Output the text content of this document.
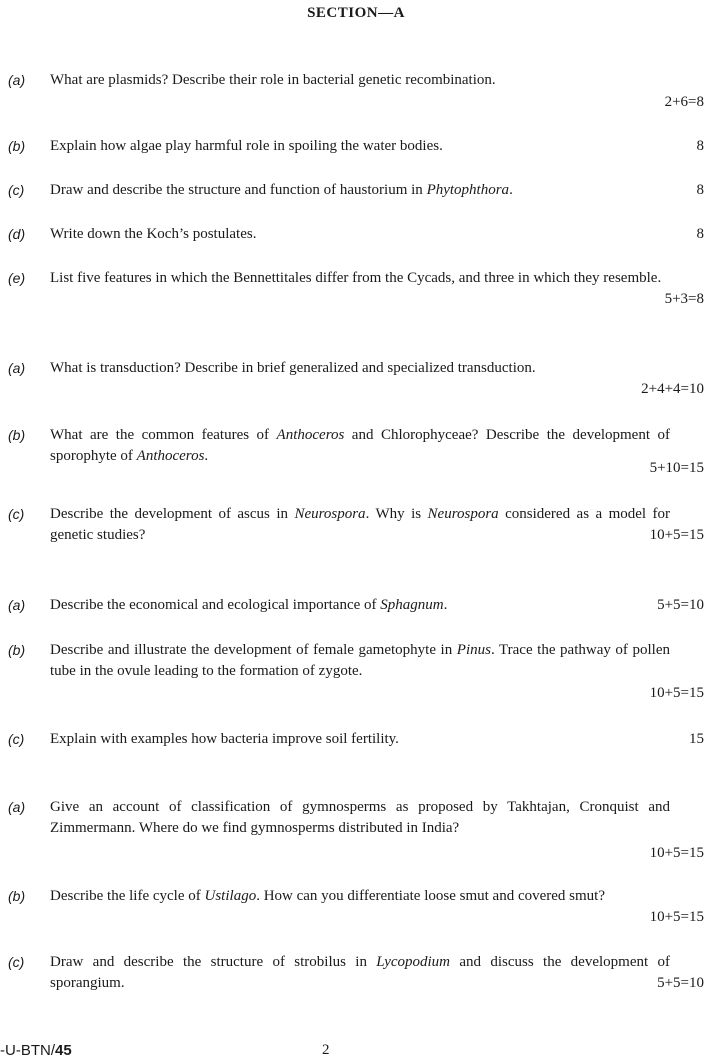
SECTION—A
(a) What are plasmids? Describe their role in bacterial genetic recombination.
2+6=8
(b) Explain how algae play harmful role in spoiling the water bodies.	8
(c) Draw and describe the structure and function of haustorium in Phytophthora.	8
(d) Write down the Koch’s postulates.	8
(e) List five features in which the Bennettitales differ from the Cycads, and three in which they resemble.
5+3=8
(a) What is transduction? Describe in brief generalized and specialized transduction.
2+4+4=10
(b) What are the common features of Anthoceros and Chlorophyceae? Describe the development of sporophyte of Anthoceros.
5+10=15
(c) Describe the development of ascus in Neurospora. Why is Neurospora considered as a model for genetic studies?	10+5=15
(a) Describe the economical and ecological importance of Sphagnum.	5+5=10
(b) Describe and illustrate the development of female gametophyte in Pinus. Trace the pathway of pollen tube in the ovule leading to the formation of zygote.
10+5=15
(c) Explain with examples how bacteria improve soil fertility.	15
(a) Give an account of classification of gymnosperms as proposed by Takhtajan, Cronquist and Zimmermann. Where do we find gymnosperms distributed in India?
10+5=15
(b) Describe the life cycle of Ustilago. How can you differentiate loose smut and covered smut?
10+5=15
(c) Draw and describe the structure of strobilus in Lycopodium and discuss the development of sporangium.	5+5=10
-U-BTN/45	2
